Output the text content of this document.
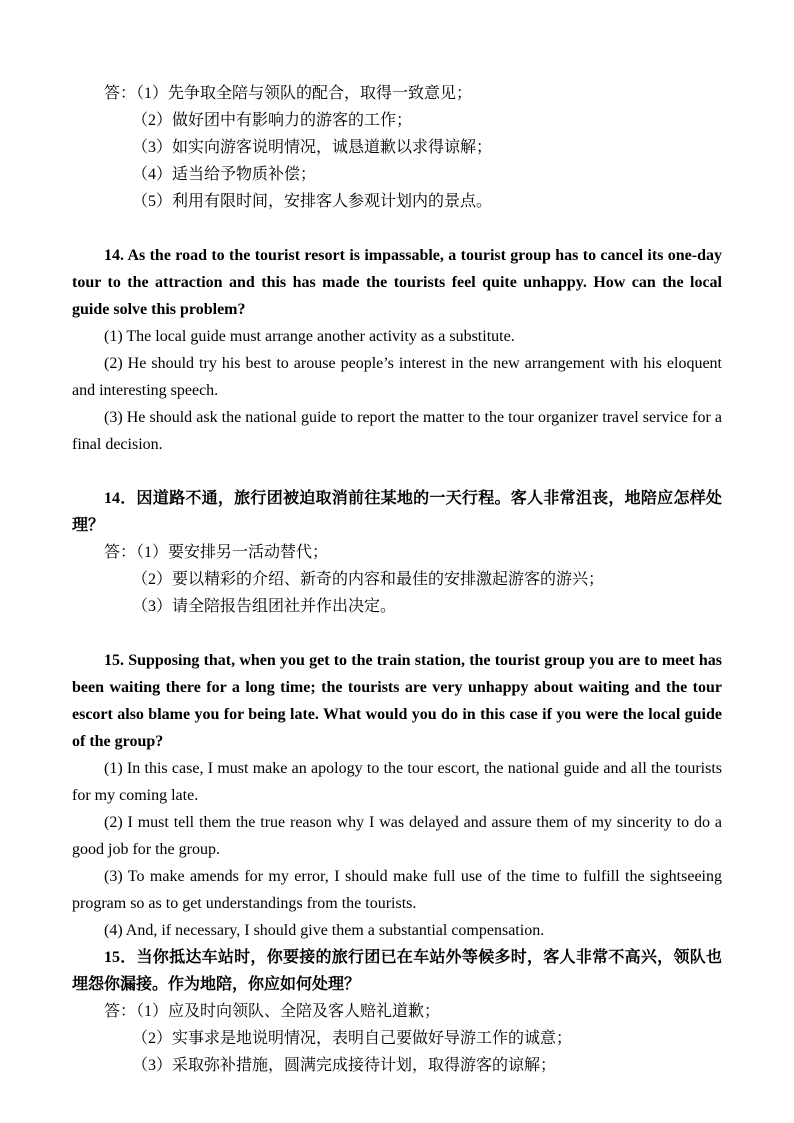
答：（1）先争取全陪与领队的配合，取得一致意见；

（2）做好团中有影响力的游客的工作；

（3）如实向游客说明情况，诚恳道歉以求得谅解；

（4）适当给予物质补偿；

（5）利用有限时间，安排客人参观计划内的景点。

14. As the road to the tourist resort is impassable, a tourist group has to cancel its one-day tour to the attraction and this has made the tourists feel quite unhappy. How can the local guide solve this problem?

(1) The local guide must arrange another activity as a substitute.

(2) He should try his best to arouse people’s interest in the new arrangement with his eloquent and interesting speech.

(3) He should ask the national guide to report the matter to the tour organizer travel service for a final decision.

14．因道路不通，旅行团被迫取消前往某地的一天行程。客人非常沮丧，地陪应怎样处理？

答：（1）要安排另一活动替代；

（2）要以精彩的介绍、新奇的内容和最佳的安排激起游客的游兴；

（3）请全陪报告组团社并作出决定。

15. Supposing that, when you get to the train station, the tourist group you are to meet has been waiting there for a long time; the tourists are very unhappy about waiting and the tour escort also blame you for being late. What would you do in this case if you were the local guide of the group?

(1) In this case, I must make an apology to the tour escort, the national guide and all the tourists for my coming late.

(2) I must tell them the true reason why I was delayed and assure them of my sincerity to do a good job for the group.

(3) To make amends for my error, I should make full use of the time to fulfill the sightseeing program so as to get understandings from the tourists.

(4) And, if necessary, I should give them a substantial compensation.

15．当你抵达车站时，你要接的旅行团已在车站外等候多时，客人非常不高兴，领队也埋怨你漏接。作为地陪，你应如何处理？

答：（1）应及时向领队、全陪及客人赔礼道歉；

（2）实事求是地说明情况，表明自己要做好导游工作的诚意；

（3）采取弥补措施，圆满完成接待计划，取得游客的谅解；
